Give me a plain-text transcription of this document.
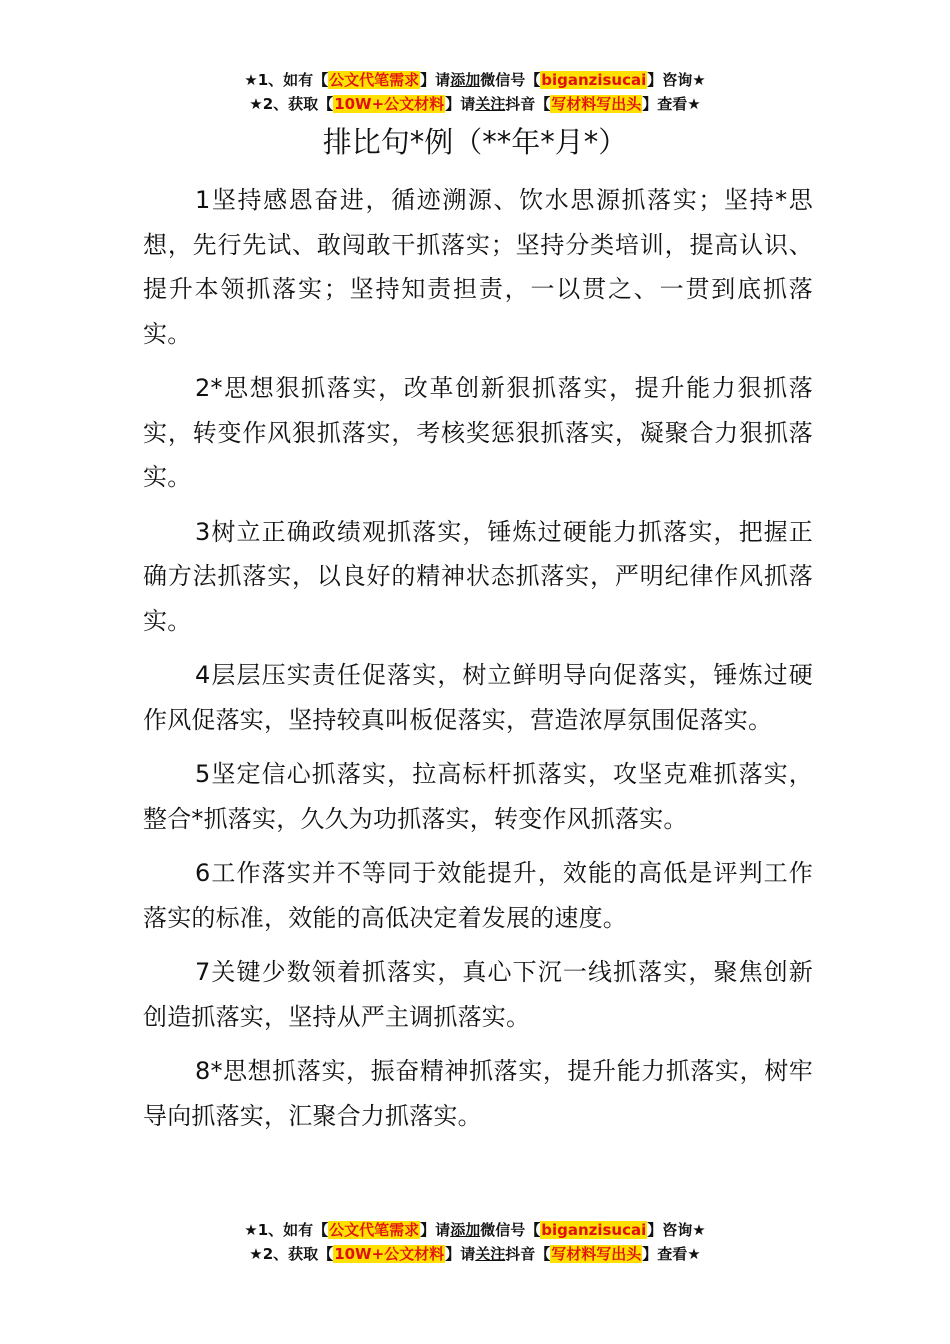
★1、如有【公文代笔需求】请添加微信号【biganzisucai】咨询★
★2、获取【10W+公文材料】请关注抖音【写材料写出头】查看★
排比句*例（**年*月*）

1坚持感恩奋进，循迹溯源、饮水思源抓落实；坚持*思想，先行先试、敢闯敢干抓落实；坚持分类培训，提高认识、提升本领抓落实；坚持知责担责，一以贯之、一贯到底抓落实。

2*思想狠抓落实，改革创新狠抓落实，提升能力狠抓落实，转变作风狠抓落实，考核奖惩狠抓落实，凝聚合力狠抓落实。

3树立正确政绩观抓落实，锤炼过硬能力抓落实，把握正确方法抓落实，以良好的精神状态抓落实，严明纪律作风抓落实。

4层层压实责任促落实，树立鲜明导向促落实，锤炼过硬作风促落实，坚持较真叫板促落实，营造浓厚氛围促落实。

5坚定信心抓落实，拉高标杆抓落实，攻坚克难抓落实，整合*抓落实，久久为功抓落实，转变作风抓落实。

6工作落实并不等同于效能提升，效能的高低是评判工作落实的标准，效能的高低决定着发展的速度。

7关键少数领着抓落实，真心下沉一线抓落实，聚焦创新创造抓落实，坚持从严主调抓落实。

8*思想抓落实，振奋精神抓落实，提升能力抓落实，树牢导向抓落实，汇聚合力抓落实。

★1、如有【公文代笔需求】请添加微信号【biganzisucai】咨询★
★2、获取【10W+公文材料】请关注抖音【写材料写出头】查看★
